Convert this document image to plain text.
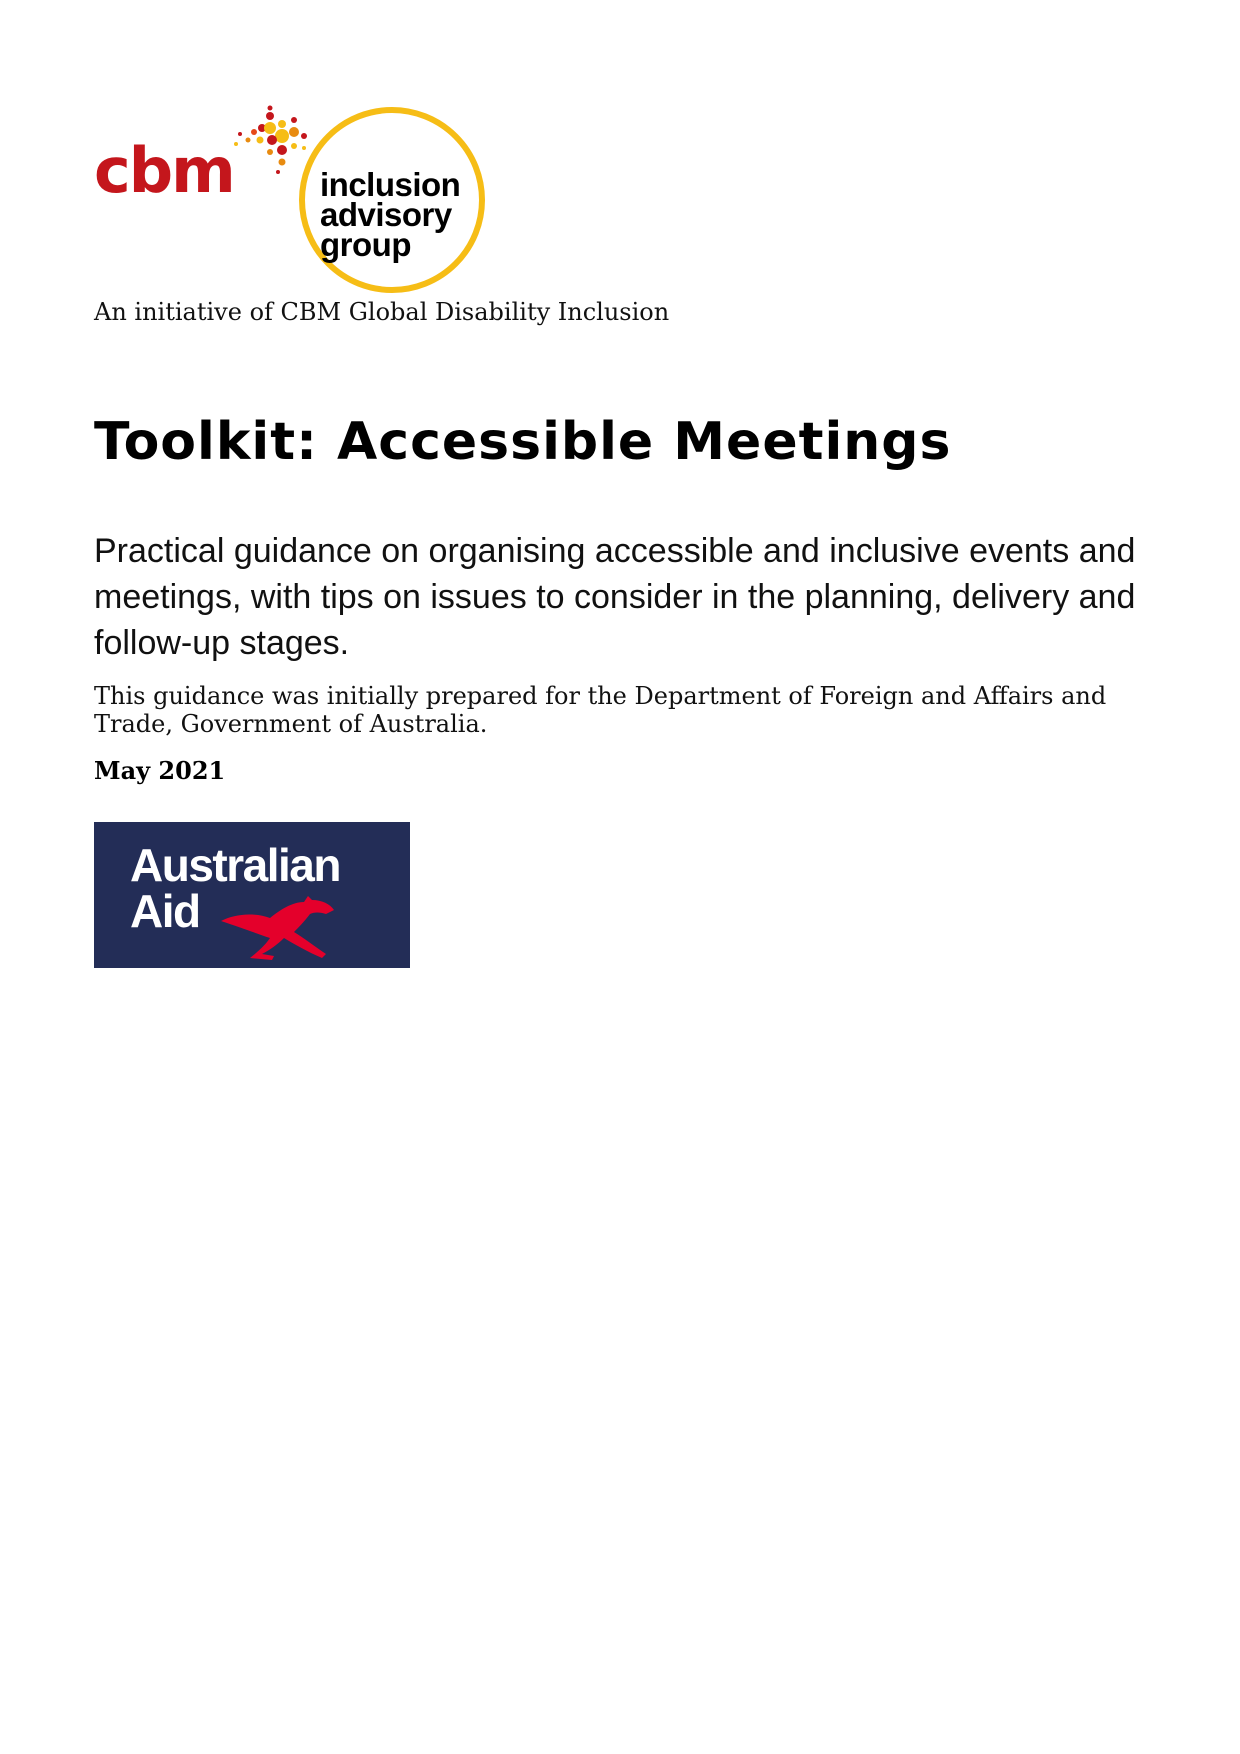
cbm	inclusion
advisory
group
An initiative of CBM Global Disability Inclusion
Toolkit: Accessible Meetings

Practical guidance on organising accessible and inclusive events and meetings, with tips on issues to consider in the planning, delivery and follow-up stages.

This guidance was initially prepared for the Department of Foreign and Affairs and Trade, Government of Australia.

May 2021
Australian
Aid
